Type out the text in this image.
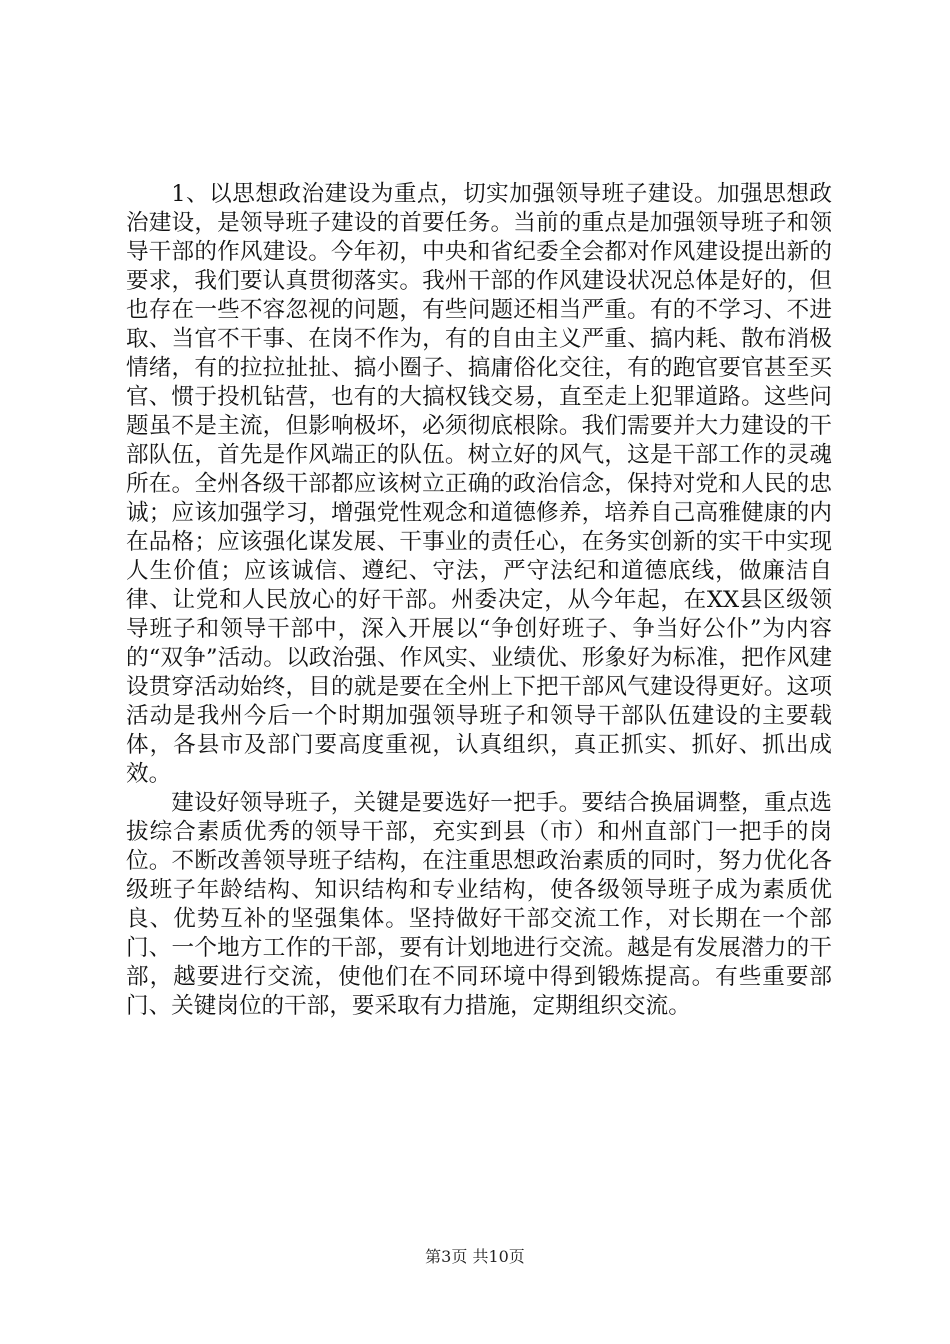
1、以思想政治建设为重点，切实加强领导班子建设。加强思想政治建设，是领导班子建设的首要任务。当前的重点是加强领导班子和领导干部的作风建设。今年初，中央和省纪委全会都对作风建设提出新的要求，我们要认真贯彻落实。我州干部的作风建设状况总体是好的，但也存在一些不容忽视的问题，有些问题还相当严重。有的不学习、不进取、当官不干事、在岗不作为，有的自由主义严重、搞内耗、散布消极情绪，有的拉拉扯扯、搞小圈子、搞庸俗化交往，有的跑官要官甚至买官、惯于投机钻营，也有的大搞权钱交易，直至走上犯罪道路。这些问题虽不是主流，但影响极坏，必须彻底根除。我们需要并大力建设的干部队伍，首先是作风端正的队伍。树立好的风气，这是干部工作的灵魂所在。全州各级干部都应该树立正确的政治信念，保持对党和人民的忠诚；应该加强学习，增强党性观念和道德修养，培养自己高雅健康的内在品格；应该强化谋发展、干事业的责任心，在务实创新的实干中实现人生价值；应该诚信、遵纪、守法，严守法纪和道德底线，做廉洁自律、让党和人民放心的好干部。州委决定，从今年起，在XX县区级领导班子和领导干部中，深入开展以“争创好班子、争当好公仆”为内容的“双争”活动。以政治强、作风实、业绩优、形象好为标准，把作风建设贯穿活动始终，目的就是要在全州上下把干部风气建设得更好。这项活动是我州今后一个时期加强领导班子和领导干部队伍建设的主要载体，各县市及部门要高度重视，认真组织，真正抓实、抓好、抓出成效。

建设好领导班子，关键是要选好一把手。要结合换届调整，重点选拔综合素质优秀的领导干部，充实到县（市）和州直部门一把手的岗位。不断改善领导班子结构，在注重思想政治素质的同时，努力优化各级班子年龄结构、知识结构和专业结构，使各级领导班子成为素质优良、优势互补的坚强集体。坚持做好干部交流工作，对长期在一个部门、一个地方工作的干部，要有计划地进行交流。越是有发展潜力的干部，越要进行交流，使他们在不同环境中得到锻炼提高。有些重要部门、关键岗位的干部，要采取有力措施，定期组织交流。

第3页 共10页
